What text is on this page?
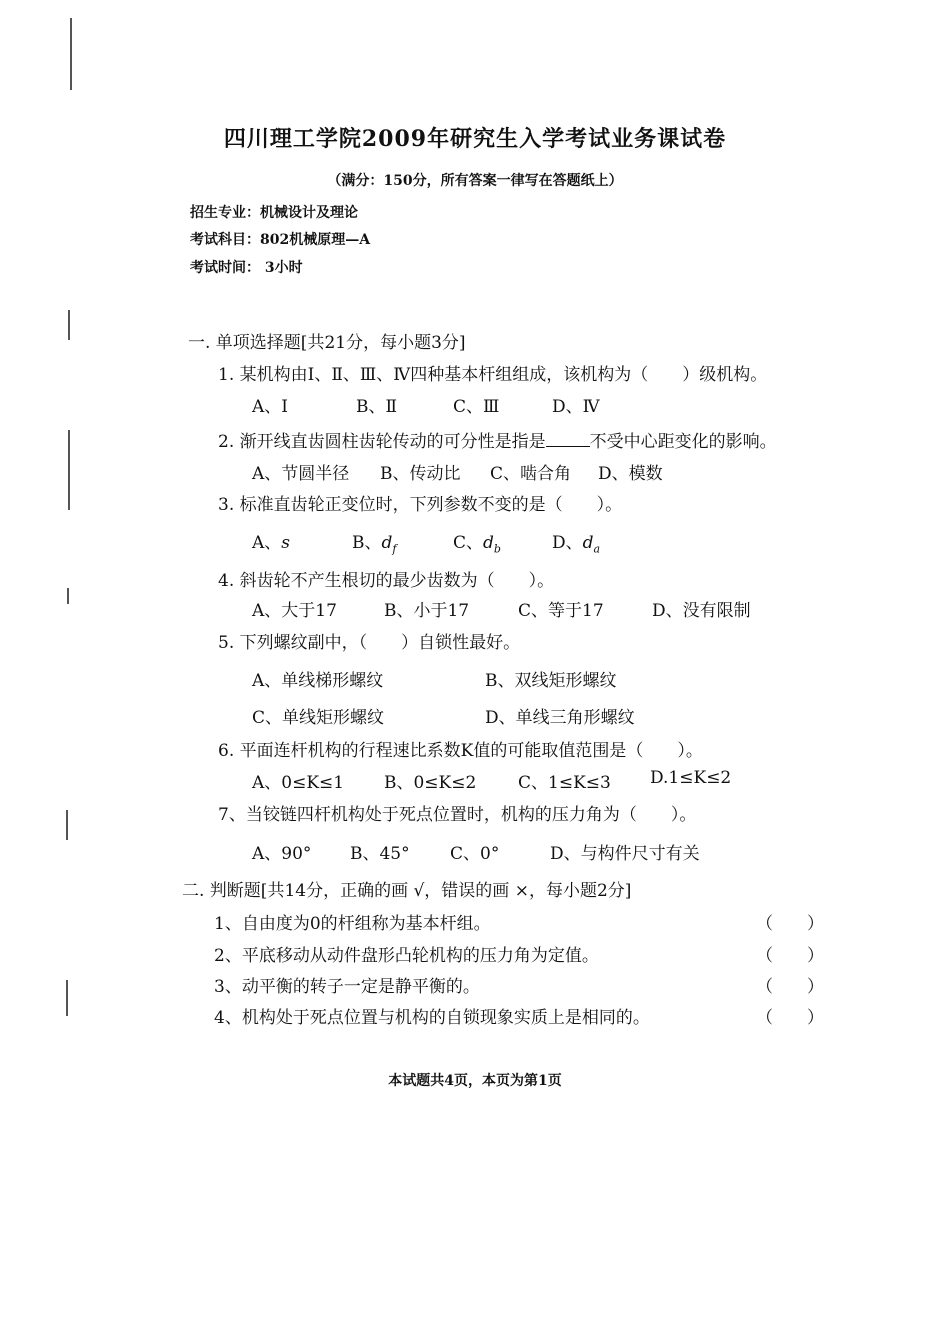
四川理工学院2009年研究生入学考试业务课试卷
（满分：150分，所有答案一律写在答题纸上）
招生专业：机械设计及理论
考试科目：802机械原理—A
考试时间： 3小时
一. 单项选择题[共21分，每小题3分]
1. 某机构由Ⅰ、Ⅱ、Ⅲ、Ⅳ四种基本杆组组成，该机构为（　　）级机构。
A、Ⅰ	B、Ⅱ	C、Ⅲ	D、Ⅳ
2. 渐开线直齿圆柱齿轮传动的可分性是指是	不受中心距变化的影响。
A、节圆半径 B、传动比 C、啮合角 D、模数
3. 标准直齿轮正变位时，下列参数不变的是（　　）。
A、s	B、$d_f$	C、$d_b$	D、$d_a$
4. 斜齿轮不产生根切的最少齿数为（　　）。
A、大于17	B、小于17	C、等于17	D、没有限制
5. 下列螺纹副中，（　　）自锁性最好。
A、单线梯形螺纹	B、双线矩形螺纹
C、单线矩形螺纹	D、单线三角形螺纹
6. 平面连杆机构的行程速比系数K值的可能取值范围是（　　）。
A、0≤K≤1 B、0≤K≤2 C、1≤K≤3 D.1≤K≤2
7、当铰链四杆机构处于死点位置时，机构的压力角为（　　）。
A、90° B、45° C、0°	D、与构件尺寸有关
二. 判断题[共14分，正确的画 √，错误的画 ×，每小题2分]
1、自由度为0的杆组称为基本杆组。	（　　）
2、平底移动从动件盘形凸轮机构的压力角为定值。	（　　）
3、动平衡的转子一定是静平衡的。	（　　）
4、机构处于死点位置与机构的自锁现象实质上是相同的。	（　　）
本试题共4页，本页为第1页
